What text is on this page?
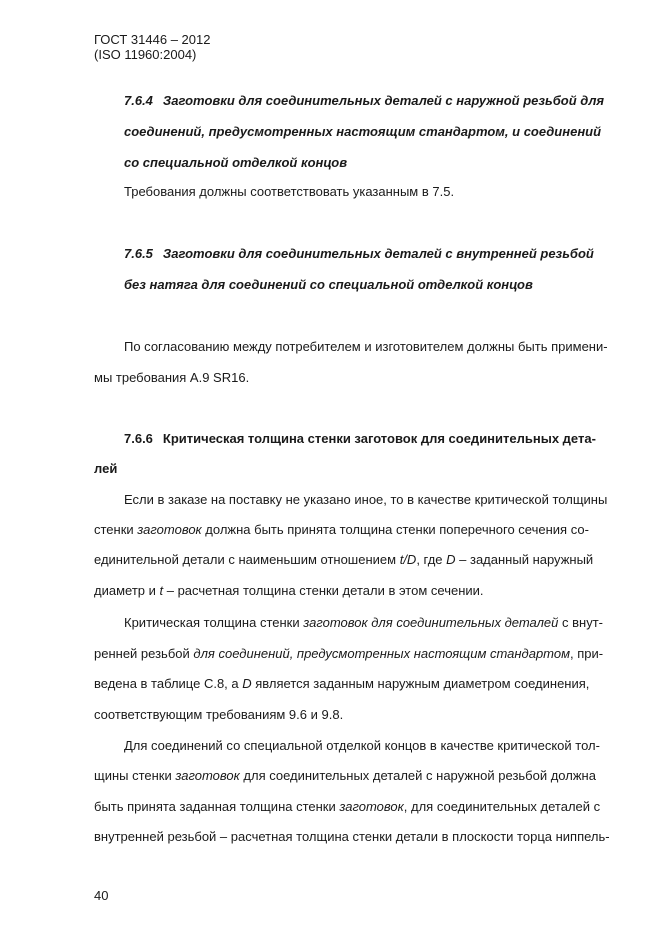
ГОСТ 31446 – 2012
(ISO 11960:2004)
7.6.4 Заготовки для соединительных деталей с наружной резьбой для
соединений, предусмотренных настоящим стандартом, и соединений
со специальной отделкой концов
Требования должны соответствовать указанным в 7.5.
7.6.5 Заготовки для соединительных деталей с внутренней резьбой
без натяга для соединений со специальной отделкой концов
По согласованию между потребителем и изготовителем должны быть примени-
мы требования A.9 SR16.
7.6.6 Критическая толщина стенки заготовок для соединительных дета-
лей
Если в заказе на поставку не указано иное, то в качестве критической толщины
стенки заготовок должна быть принята толщина стенки поперечного сечения со-
единительной детали с наименьшим отношением t/D, где D – заданный наружный
диаметр и t – расчетная толщина стенки детали в этом сечении.
Критическая толщина стенки заготовок для соединительных деталей с внут-
ренней резьбой для соединений, предусмотренных настоящим стандартом, при-
ведена в таблице C.8, а D является заданным наружным диаметром соединения,
соответствующим требованиям 9.6 и 9.8.
Для соединений со специальной отделкой концов в качестве критической тол-
щины стенки заготовок для соединительных деталей с наружной резьбой должна
быть принята заданная толщина стенки заготовок, для соединительных деталей с
внутренней резьбой – расчетная толщина стенки детали в плоскости торца ниппель-
40
